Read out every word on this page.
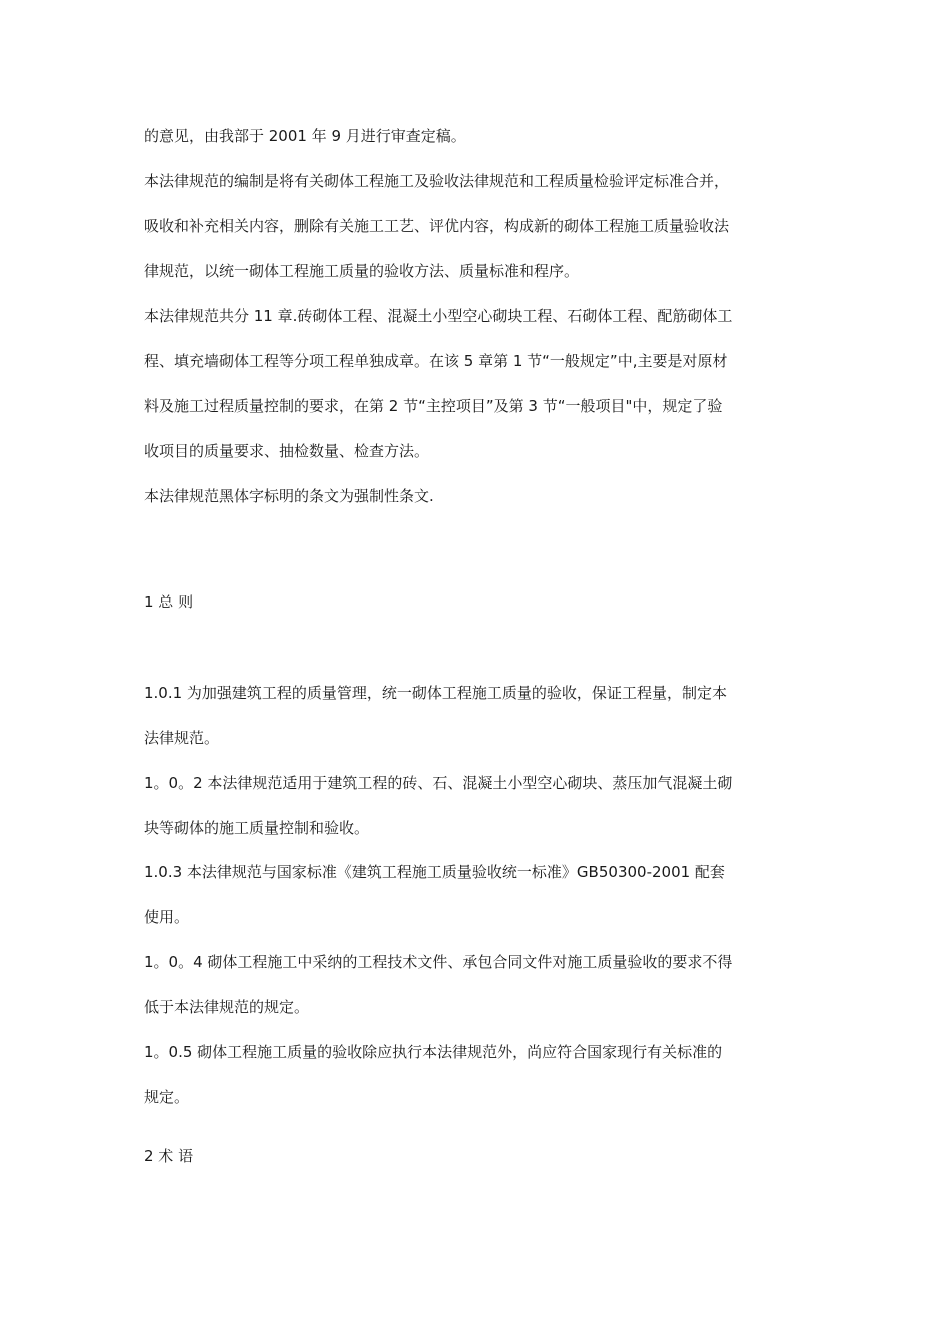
的意见，由我部于 2001 年 9 月进行审查定稿。

本法律规范的编制是将有关砌体工程施工及验收法律规范和工程质量检验评定标准合并，

吸收和补充相关内容，删除有关施工工艺、评优内容，构成新的砌体工程施工质量验收法

律规范，以统一砌体工程施工质量的验收方法、质量标准和程序。

本法律规范共分 11 章.砖砌体工程、混凝土小型空心砌块工程、石砌体工程、配筋砌体工

程、填充墙砌体工程等分项工程单独成章。在该 5 章第 1 节“一般规定”中,主要是对原材

料及施工过程质量控制的要求，在第 2 节“主控项目”及第 3 节“一般项目"中，规定了验

收项目的质量要求、抽检数量、检查方法。

本法律规范黑体字标明的条文为强制性条文.

1 总 则

1.0.1 为加强建筑工程的质量管理，统一砌体工程施工质量的验收，保证工程量，制定本

法律规范。

1。0。2 本法律规范适用于建筑工程的砖、石、混凝土小型空心砌块、蒸压加气混凝土砌

块等砌体的施工质量控制和验收。

1.0.3 本法律规范与国家标准《建筑工程施工质量验收统一标准》GB50300-2001 配套

使用。

1。0。4 砌体工程施工中采纳的工程技术文件、承包合同文件对施工质量验收的要求不得

低于本法律规范的规定。

1。0.5 砌体工程施工质量的验收除应执行本法律规范外，尚应符合国家现行有关标准的

规定。

2 术 语
